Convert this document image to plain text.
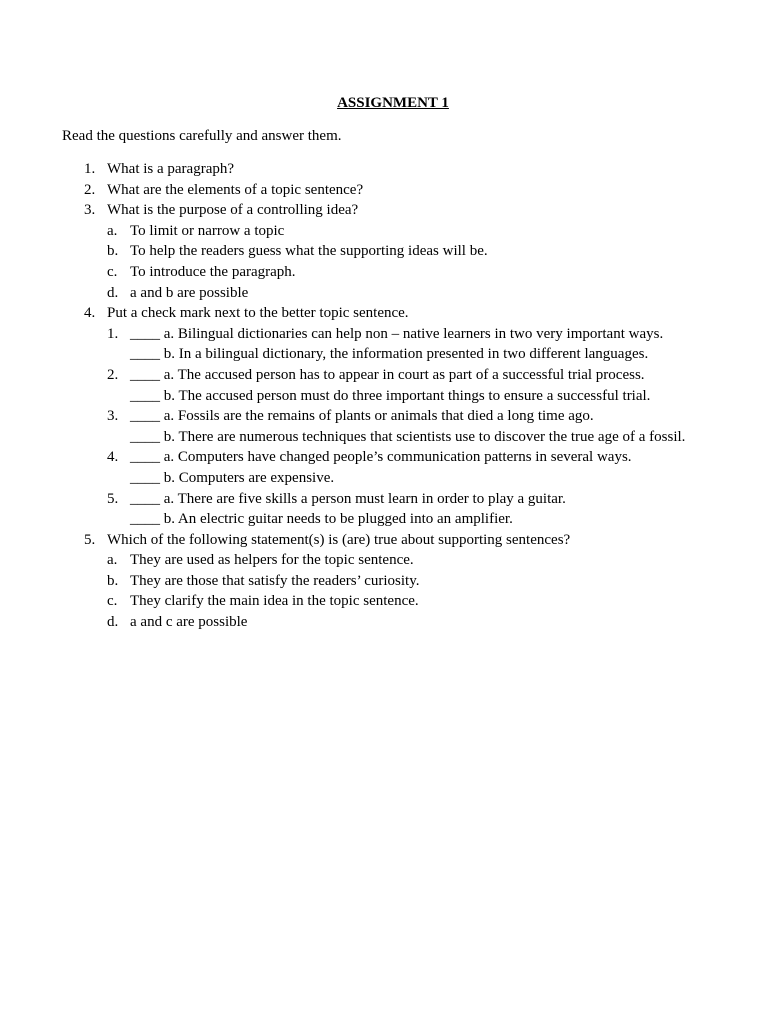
ASSIGNMENT 1
Read the questions carefully and answer them.
1. What is a paragraph?
2. What are the elements of a topic sentence?
3. What is the purpose of a controlling idea?
a. To limit or narrow a topic
b. To help the readers guess what the supporting ideas will be.
c. To introduce the paragraph.
d. a and b are possible
4. Put a check mark next to the better topic sentence.
1. ____ a. Bilingual dictionaries can help non – native learners in two very important ways.
____ b. In a bilingual dictionary, the information presented in two different languages.
2. ____ a. The accused person has to appear in court as part of a successful trial process.
____ b. The accused person must do three important things to ensure a successful trial.
3. ____ a. Fossils are the remains of plants or animals that died a long time ago.
____ b. There are numerous techniques that scientists use to discover the true age of a fossil.
4. ____ a. Computers have changed people’s communication patterns in several ways.
____ b. Computers are expensive.
5. ____ a. There are five skills a person must learn in order to play a guitar.
____ b. An electric guitar needs to be plugged into an amplifier.
5. Which of the following statement(s) is (are) true about supporting sentences?
a. They are used as helpers for the topic sentence.
b. They are those that satisfy the readers’ curiosity.
c. They clarify the main idea in the topic sentence.
d. a and c are possible
